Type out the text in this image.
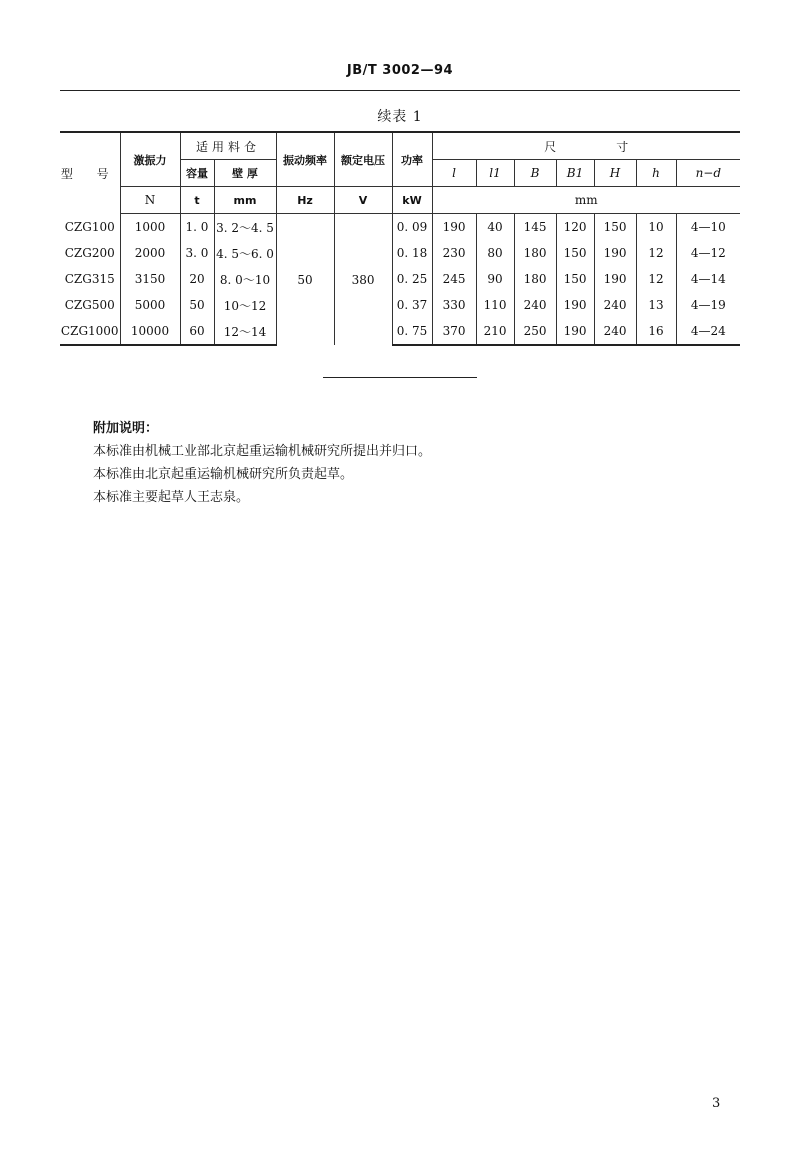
JB/T 3002—94
续表 1
型 号	激振力	适用料仓		振动频率	额定电压	功率	尺寸						
		容量	壁 厚				l	l1	B	B1	H	h	n−d
	N	t	mm	Hz	V	kW	mm						
CZG100	1000	1. 0	3. 2～4. 5	50	380	0. 09	190	40	145	120	150	10	4—10
CZG200	2000	3. 0	4. 5～6. 0			0. 18	230	80	180	150	190	12	4—12
CZG315	3150	20	8. 0～10			0. 25	245	90	180	150	190	12	4—14
CZG500	5000	50	10～12			0. 37	330	110	240	190	240	13	4—19
CZG1000	10000	60	12～14			0. 75	370	210	250	190	240	16	4—24
附加说明：
本标准由机械工业部北京起重运输机械研究所提出并归口。
本标准由北京起重运输机械研究所负责起草。
本标准主要起草人王志泉。
3
